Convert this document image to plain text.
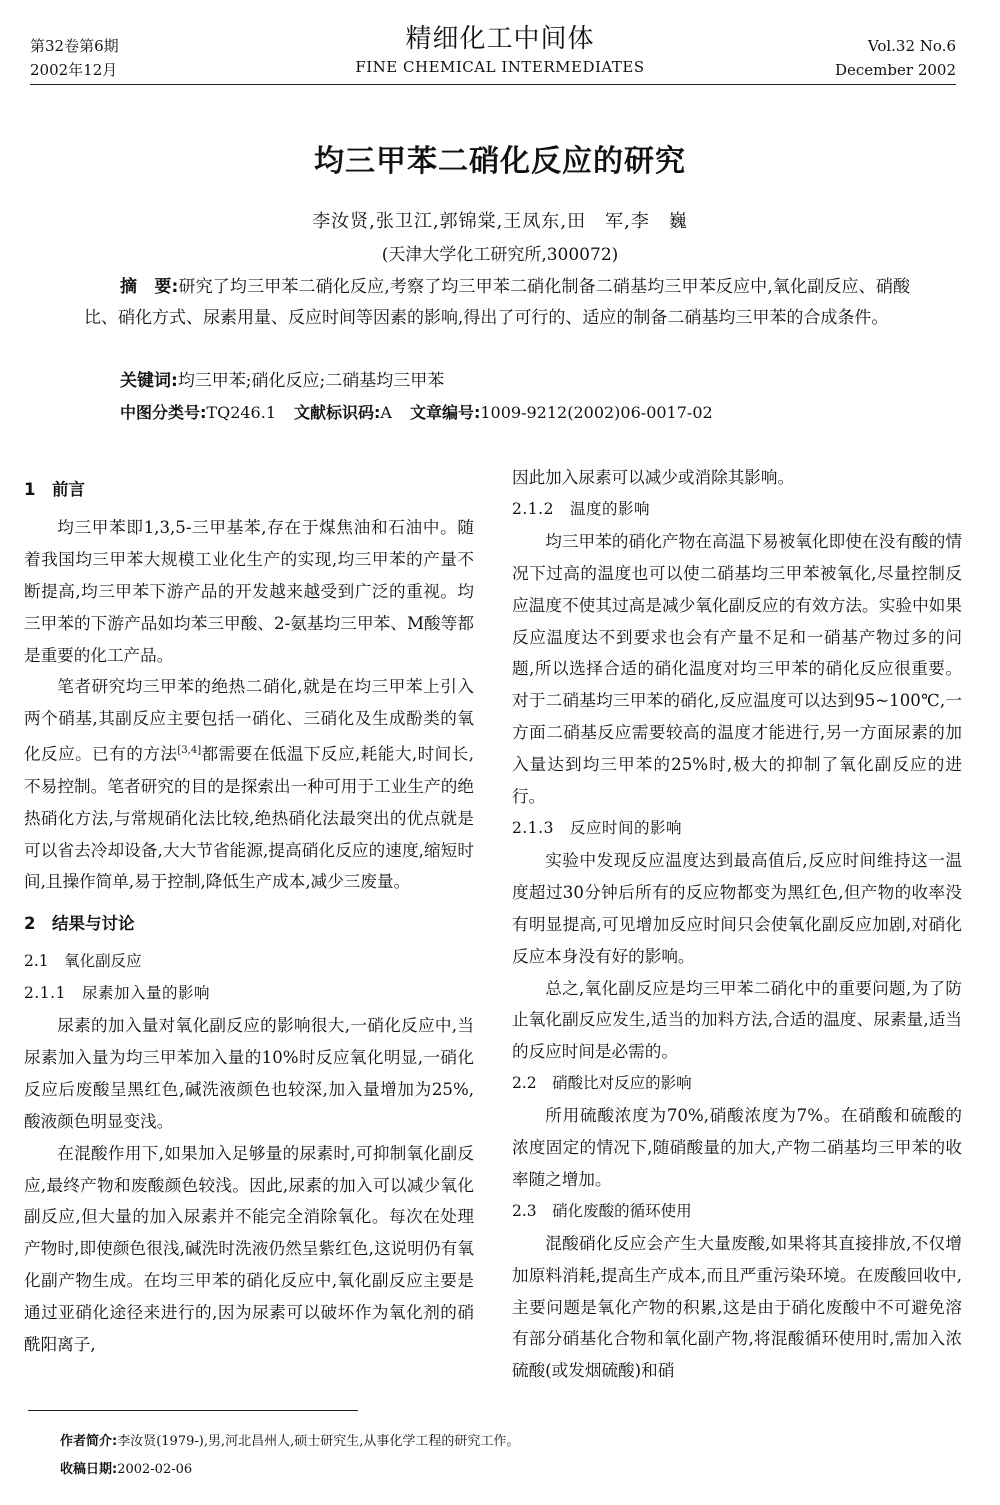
第32卷第6期
2002年12月
精细化工中间体
FINE CHEMICAL INTERMEDIATES
Vol.32 No.6
December 2002
均三甲苯二硝化反应的研究
李汝贤,张卫江,郭锦棠,王凤东,田　军,李　巍
(天津大学化工研究所,300072)
摘　要:研究了均三甲苯二硝化反应,考察了均三甲苯二硝化制备二硝基均三甲苯反应中,氧化副反应、硝酸比、硝化方式、尿素用量、反应时间等因素的影响,得出了可行的、适应的制备二硝基均三甲苯的合成条件。
关键词:均三甲苯;硝化反应;二硝基均三甲苯
中图分类号:TQ246.1 文献标识码:A 文章编号:1009-9212(2002)06-0017-02
1　前言

均三甲苯即1,3,5-三甲基苯,存在于煤焦油和石油中。随着我国均三甲苯大规模工业化生产的实现,均三甲苯的产量不断提高,均三甲苯下游产品的开发越来越受到广泛的重视。均三甲苯的下游产品如均苯三甲酸、2-氨基均三甲苯、M酸等都是重要的化工产品。

笔者研究均三甲苯的绝热二硝化,就是在均三甲苯上引入两个硝基,其副反应主要包括一硝化、三硝化及生成酚类的氧化反应。已有的方法[3,4]都需要在低温下反应,耗能大,时间长,不易控制。笔者研究的目的是探索出一种可用于工业生产的绝热硝化方法,与常规硝化法比较,绝热硝化法最突出的优点就是可以省去冷却设备,大大节省能源,提高硝化反应的速度,缩短时间,且操作简单,易于控制,降低生产成本,减少三废量。

2　结果与讨论
2.1　氧化副反应
2.1.1　尿素加入量的影响

尿素的加入量对氧化副反应的影响很大,一硝化反应中,当尿素加入量为均三甲苯加入量的10%时反应氧化明显,一硝化反应后废酸呈黑红色,碱洗液颜色也较深,加入量增加为25%,酸液颜色明显变浅。

在混酸作用下,如果加入足够量的尿素时,可抑制氧化副反应,最终产物和废酸颜色较浅。因此,尿素的加入可以减少氧化副反应,但大量的加入尿素并不能完全消除氧化。每次在处理产物时,即使颜色很浅,碱洗时洗液仍然呈紫红色,这说明仍有氧化副产物生成。在均三甲苯的硝化反应中,氧化副反应主要是通过亚硝化途径来进行的,因为尿素可以破坏作为氧化剂的硝酰阳离子,

因此加入尿素可以减少或消除其影响。

2.1.2　温度的影响

均三甲苯的硝化产物在高温下易被氧化即使在没有酸的情况下过高的温度也可以使二硝基均三甲苯被氧化,尽量控制反应温度不使其过高是减少氧化副反应的有效方法。实验中如果反应温度达不到要求也会有产量不足和一硝基产物过多的问题,所以选择合适的硝化温度对均三甲苯的硝化反应很重要。对于二硝基均三甲苯的硝化,反应温度可以达到95~100℃,一方面二硝基反应需要较高的温度才能进行,另一方面尿素的加入量达到均三甲苯的25%时,极大的抑制了氧化副反应的进行。

2.1.3　反应时间的影响

实验中发现反应温度达到最高值后,反应时间维持这一温度超过30分钟后所有的反应物都变为黑红色,但产物的收率没有明显提高,可见增加反应时间只会使氧化副反应加剧,对硝化反应本身没有好的影响。

总之,氧化副反应是均三甲苯二硝化中的重要问题,为了防止氧化副反应发生,适当的加料方法,合适的温度、尿素量,适当的反应时间是必需的。

2.2　硝酸比对反应的影响

所用硫酸浓度为70%,硝酸浓度为7%。在硝酸和硫酸的浓度固定的情况下,随硝酸量的加大,产物二硝基均三甲苯的收率随之增加。

2.3　硝化废酸的循环使用

混酸硝化反应会产生大量废酸,如果将其直接排放,不仅增加原料消耗,提高生产成本,而且严重污染环境。在废酸回收中,主要问题是氧化产物的积累,这是由于硝化废酸中不可避免溶有部分硝基化合物和氧化副产物,将混酸循环使用时,需加入浓硫酸(或发烟硫酸)和硝

作者简介:李汝贤(1979-),男,河北昌州人,硕士研究生,从事化学工程的研究工作。
收稿日期:2002-02-06
